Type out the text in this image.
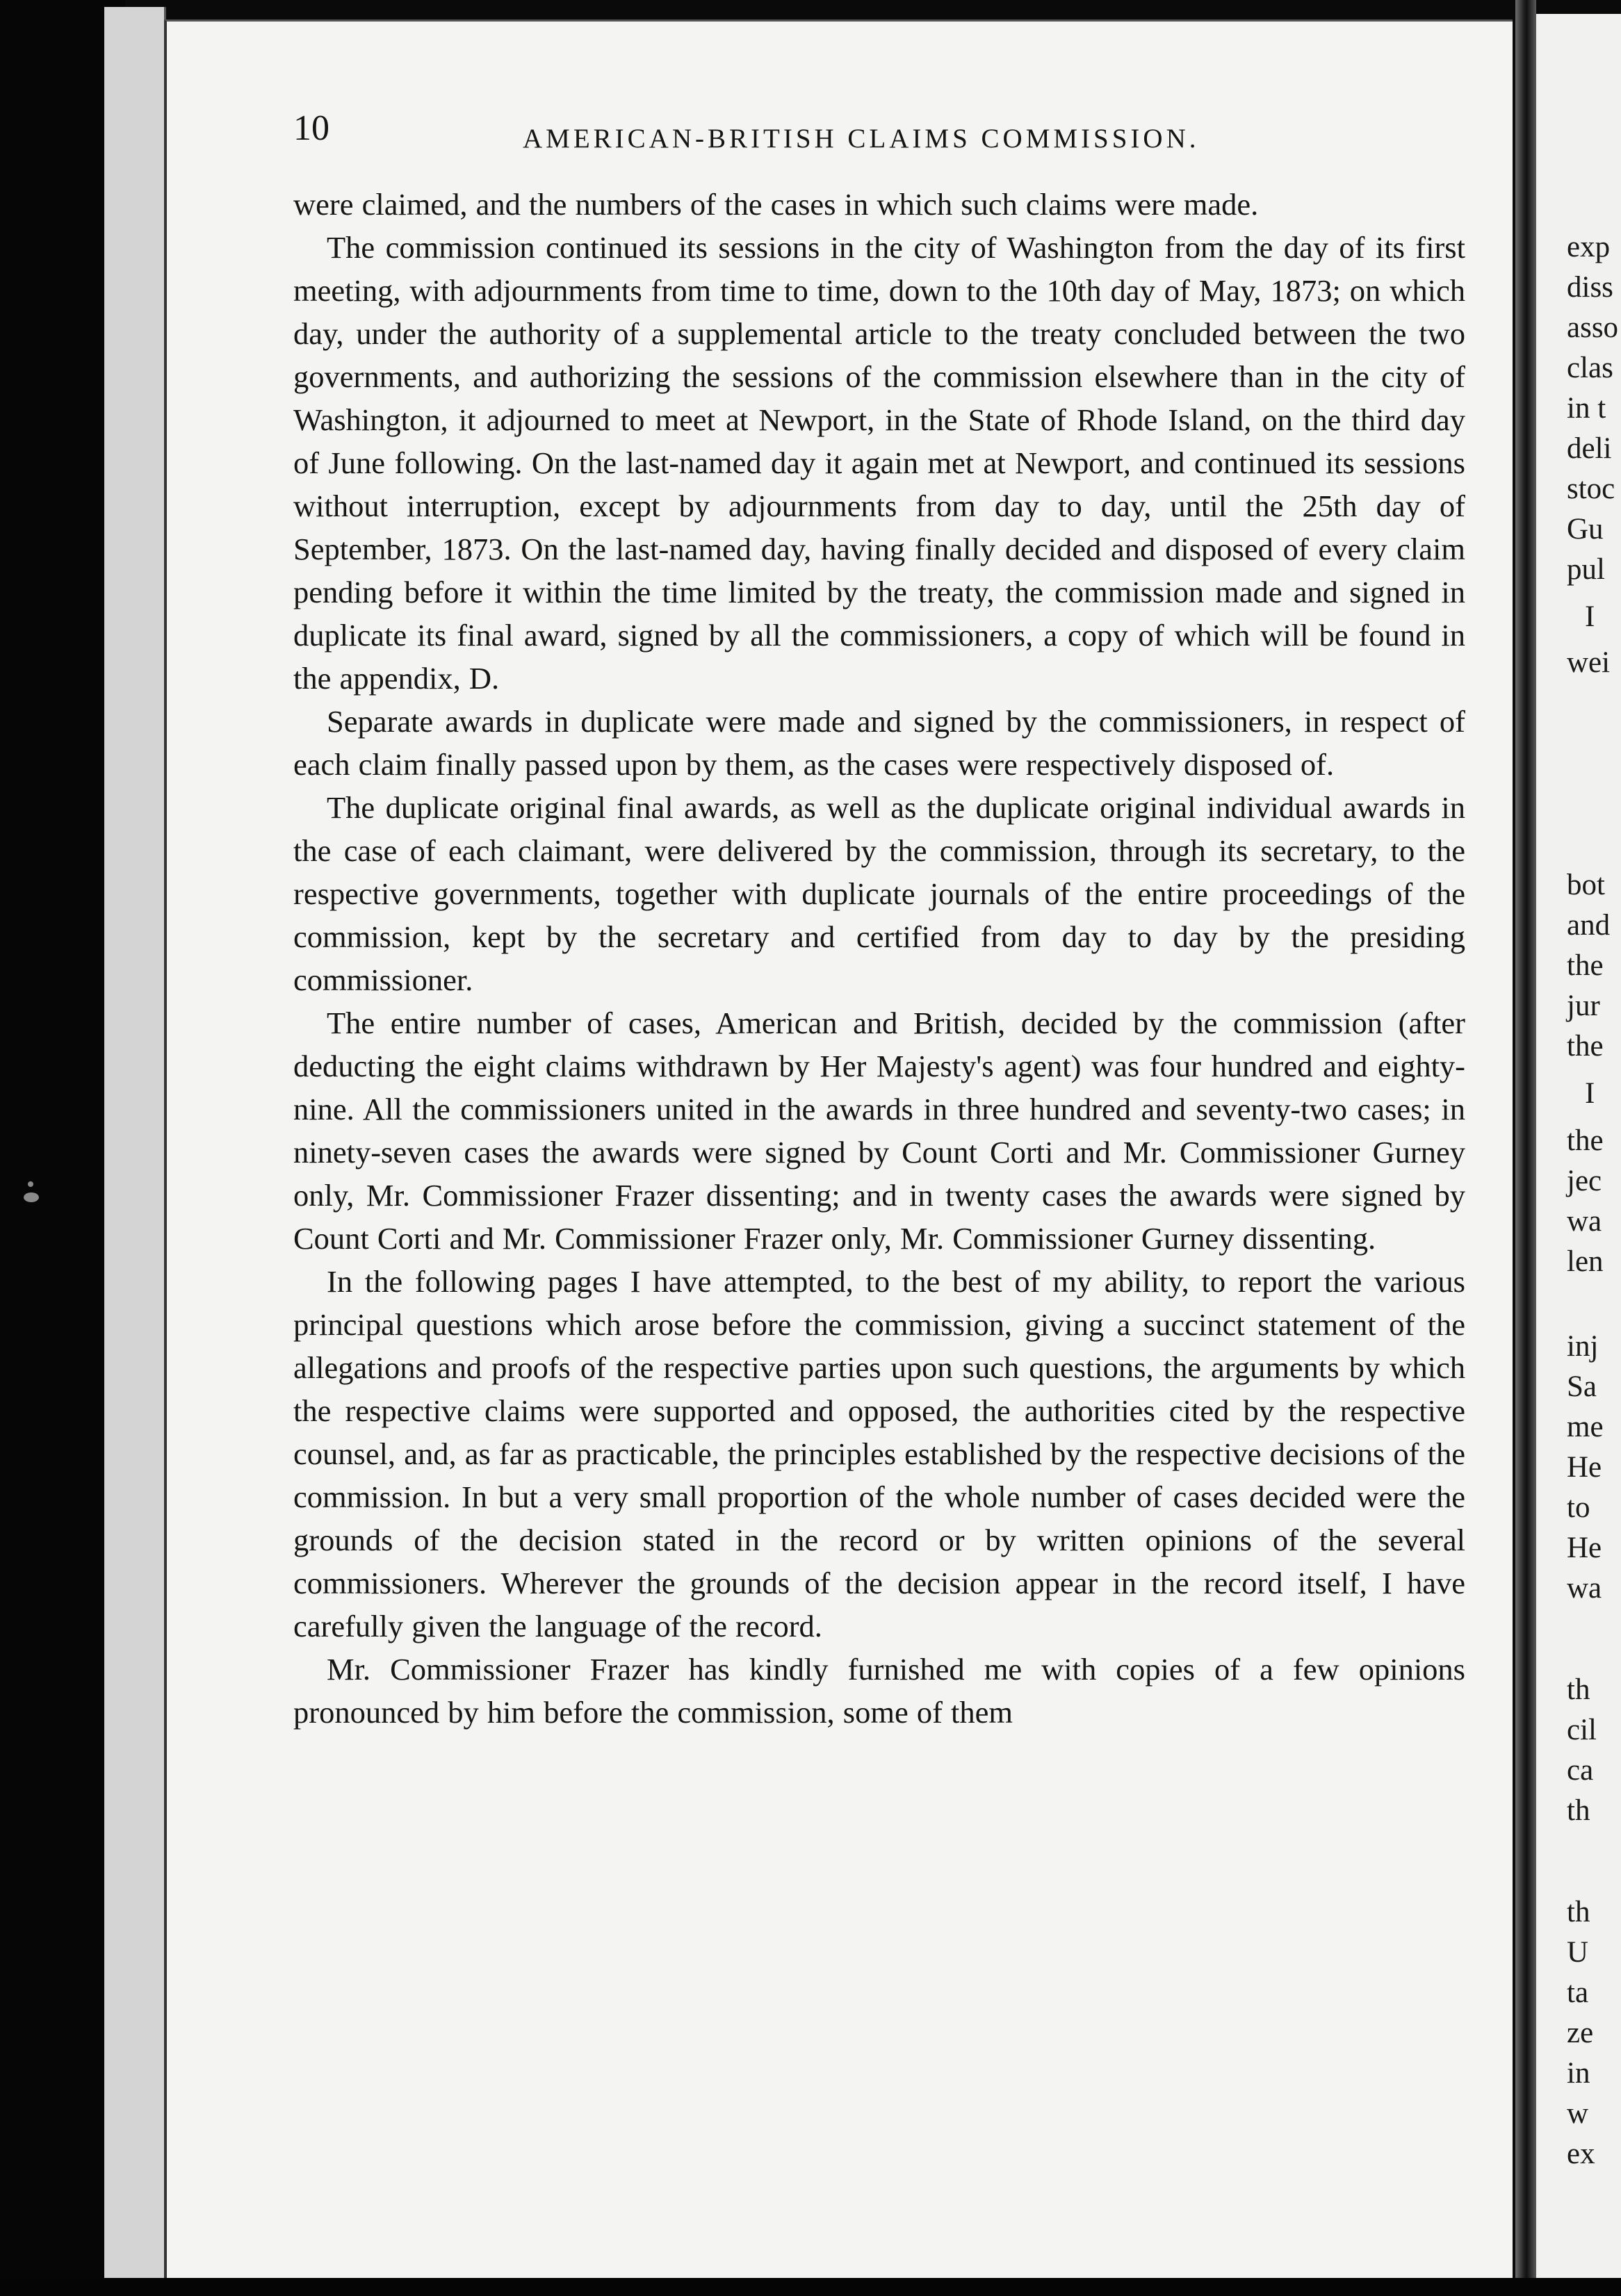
10	AMERICAN-BRITISH CLAIMS COMMISSION.

were claimed, and the numbers of the cases in which such claims were made.

The commission continued its sessions in the city of Washington from the day of its first meeting, with adjournments from time to time, down to the 10th day of May, 1873; on which day, under the authority of a supplemental article to the treaty concluded between the two governments, and authorizing the sessions of the commission elsewhere than in the city of Washington, it adjourned to meet at Newport, in the State of Rhode Island, on the third day of June following. On the last-named day it again met at Newport, and continued its sessions without interruption, except by adjournments from day to day, until the 25th day of September, 1873. On the last-named day, having finally decided and disposed of every claim pending before it within the time limited by the treaty, the commission made and signed in duplicate its final award, signed by all the commissioners, a copy of which will be found in the appendix, D.

Separate awards in duplicate were made and signed by the commissioners, in respect of each claim finally passed upon by them, as the cases were respectively disposed of.

The duplicate original final awards, as well as the duplicate original individual awards in the case of each claimant, were delivered by the commission, through its secretary, to the respective governments, together with duplicate journals of the entire proceedings of the commission, kept by the secretary and certified from day to day by the presiding commissioner.

The entire number of cases, American and British, decided by the commission (after deducting the eight claims withdrawn by Her Majesty's agent) was four hundred and eighty-nine. All the commissioners united in the awards in three hundred and seventy-two cases; in ninety-seven cases the awards were signed by Count Corti and Mr. Commissioner Gurney only, Mr. Commissioner Frazer dissenting; and in twenty cases the awards were signed by Count Corti and Mr. Commissioner Frazer only, Mr. Commissioner Gurney dissenting.

In the following pages I have attempted, to the best of my ability, to report the various principal questions which arose before the commission, giving a succinct statement of the allegations and proofs of the respective parties upon such questions, the arguments by which the respective claims were supported and opposed, the authorities cited by the respective counsel, and, as far as practicable, the principles established by the respective decisions of the commission. In but a very small proportion of the whole number of cases decided were the grounds of the decision stated in the record or by written opinions of the several commissioners. Wherever the grounds of the decision appear in the record itself, I have carefully given the language of the record.

Mr. Commissioner Frazer has kindly furnished me with copies of a few opinions pronounced by him before the commission, some of them

exp
diss
asso
clas
in t
deli
stoc
Gu
pul
I
wei
bot
and
the
jur
the
I
the
jec
wa
len
inj
Sa
me
He
to
He
wa
th
cil
ca
th
th
U
ta
ze
in
w
ex
